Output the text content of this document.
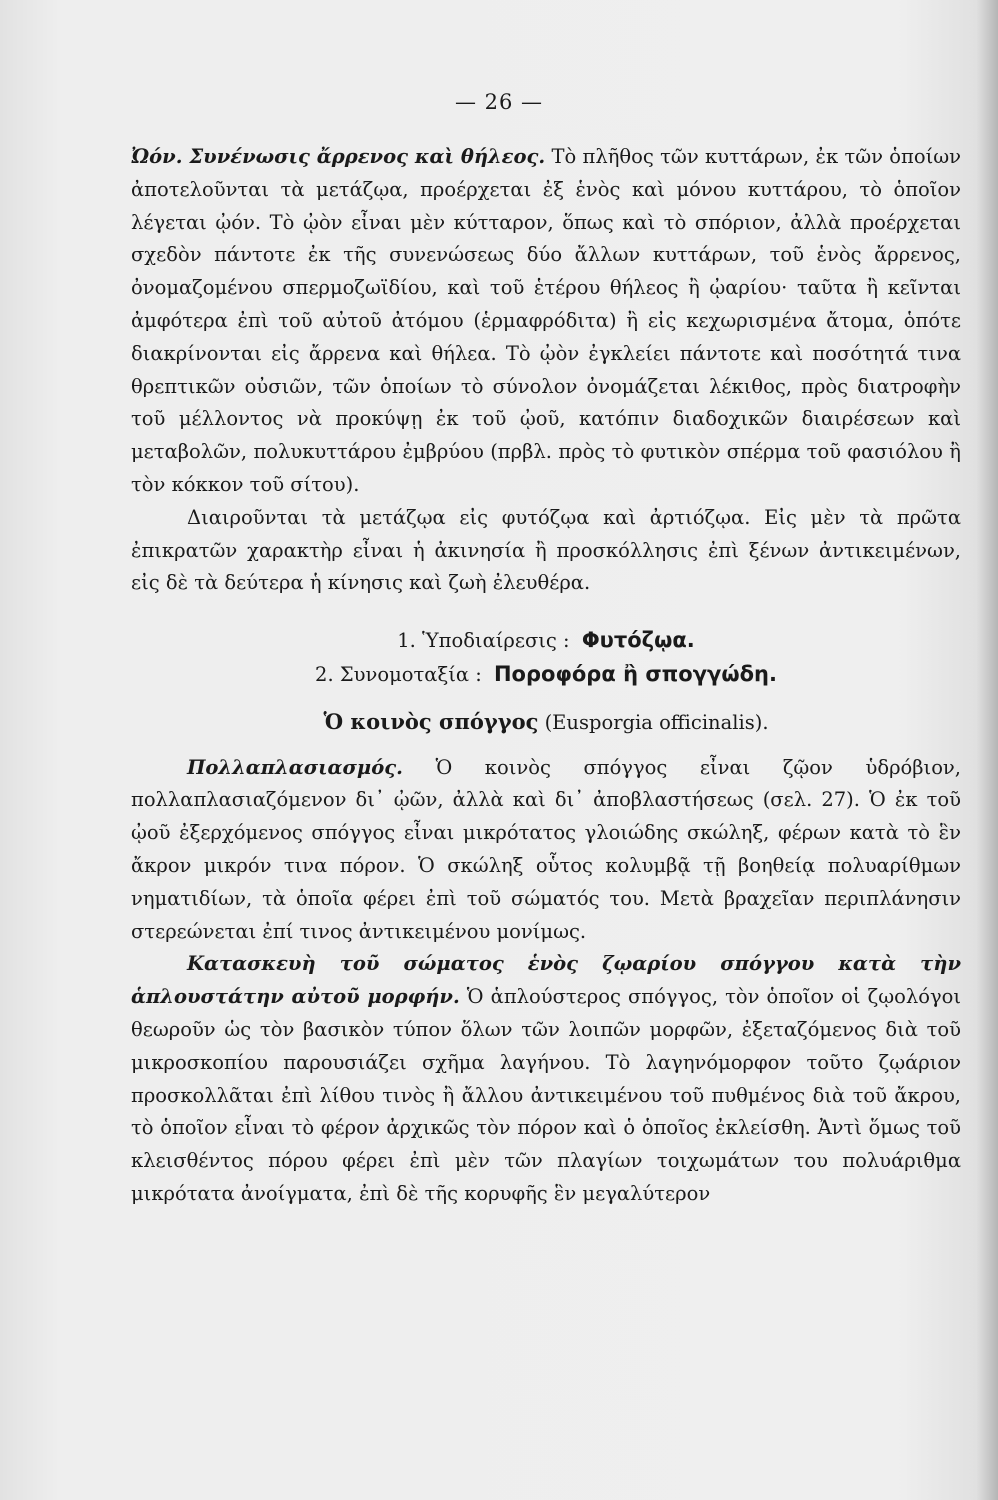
— 26 —

Ὠόν. Συνένωσις ἄρρενος καὶ θήλεος. Τὸ πλῆθος τῶν κυττάρων, ἐκ τῶν ὁποίων ἀποτελοῦνται τὰ μετάζῳα, προέρχεται ἐξ ἑνὸς καὶ μόνου κυττάρου, τὸ ὁποῖον λέγεται ᾠόν. Τὸ ᾠὸν εἶναι μὲν κύτταρον, ὅπως καὶ τὸ σπόριον, ἀλλὰ προέρχεται σχεδὸν πάντοτε ἐκ τῆς συνενώσεως δύο ἄλλων κυττάρων, τοῦ ἑνὸς ἄρρενος, ὀνομαζομένου σπερμοζωϊδίου, καὶ τοῦ ἑτέρου θήλεος ἢ ᾠαρίου· ταῦτα ἢ κεῖνται ἀμφότερα ἐπὶ τοῦ αὐτοῦ ἀτόμου (ἑρμαφρόδιτα) ἢ εἰς κεχωρισμένα ἄτομα, ὁπότε διακρίνονται εἰς ἄρρενα καὶ θήλεα. Τὸ ᾠὸν ἐγκλείει πάντοτε καὶ ποσότητά τινα θρεπτικῶν οὐσιῶν, τῶν ὁποίων τὸ σύνολον ὀνομάζεται λέκιθος, πρὸς διατροφὴν τοῦ μέλλοντος νὰ προκύψῃ ἐκ τοῦ ᾠοῦ, κατόπιν διαδοχικῶν διαιρέσεων καὶ μεταβολῶν, πολυκυττάρου ἐμβρύου (πρβλ. πρὸς τὸ φυτικὸν σπέρμα τοῦ φασιόλου ἢ τὸν κόκκον τοῦ σίτου).

Διαιροῦνται τὰ μετάζῳα εἰς φυτόζῳα καὶ ἀρτιόζῳα. Εἰς μὲν τὰ πρῶτα ἐπικρατῶν χαρακτὴρ εἶναι ἡ ἀκινησία ἢ προσκόλλησις ἐπὶ ξένων ἀντικειμένων, εἰς δὲ τὰ δεύτερα ἡ κίνησις καὶ ζωὴ ἐλευθέρα.

1. Ὑποδιαίρεσις : Φυτόζῳα.

2. Συνομοταξία : Ποροφόρα ἢ σπογγώδη.

Ὁ κοινὸς σπόγγος (Eusporgia officinalis).

Πολλαπλασιασμός. Ὁ κοινὸς σπόγγος εἶναι ζῷον ὑδρόβιον, πολλαπλασιαζόμενον δι᾽ ᾠῶν, ἀλλὰ καὶ δι᾽ ἀποβλαστήσεως (σελ. 27). Ὁ ἐκ τοῦ ᾠοῦ ἐξερχόμενος σπόγγος εἶναι μικρότατος γλοιώδης σκώληξ, φέρων κατὰ τὸ ἓν ἄκρον μικρόν τινα πόρον. Ὁ σκώληξ οὗτος κολυμβᾷ τῇ βοηθείᾳ πολυαρίθμων νηματιδίων, τὰ ὁποῖα φέρει ἐπὶ τοῦ σώματός του. Μετὰ βραχεῖαν περιπλάνησιν στερεώνεται ἐπί τινος ἀντικειμένου μονίμως.

Κατασκευὴ τοῦ σώματος ἑνὸς ζῳαρίου σπόγγου κατὰ τὴν ἁπλουστάτην αὐτοῦ μορφήν. Ὁ ἁπλούστερος σπόγγος, τὸν ὁποῖον οἱ ζῳολόγοι θεωροῦν ὡς τὸν βασικὸν τύπον ὅλων τῶν λοιπῶν μορφῶν, ἐξεταζόμενος διὰ τοῦ μικροσκοπίου παρουσιάζει σχῆμα λαγήνου. Τὸ λαγηνόμορφον τοῦτο ζῳάριον προσκολλᾶται ἐπὶ λίθου τινὸς ἢ ἄλλου ἀντικειμένου τοῦ πυθμένος διὰ τοῦ ἄκρου, τὸ ὁποῖον εἶναι τὸ φέρον ἀρχικῶς τὸν πόρον καὶ ὁ ὁποῖος ἐκλείσθη. Ἀντὶ ὅμως τοῦ κλεισθέντος πόρου φέρει ἐπὶ μὲν τῶν πλαγίων τοιχωμάτων του πολυάριθμα μικρότατα ἀνοίγματα, ἐπὶ δὲ τῆς κορυφῆς ἓν μεγαλύτερον
